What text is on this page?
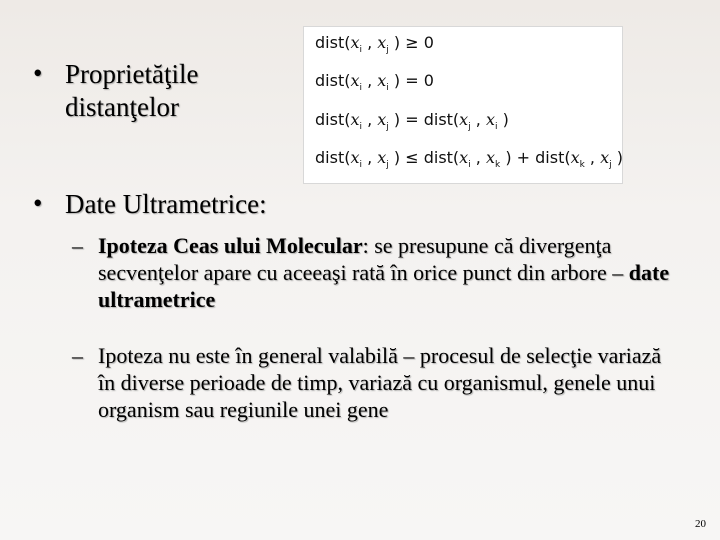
• Proprietăţile distanţelor
$dist(x_i$ , $x_j$ ) ≥ 0
$dist(x_i$ , $x_i$ ) = 0
$dist(x_i$ , $x_j$ ) = $dist(x_j$ , $x_i$ )
$dist(x_i$ , $x_j$ ) ≤ $dist(x_i$ , $x_k$ ) + $dist(x_k$ , $x_j$ )
• Date Ultrametrice:
– Ipoteza Ceas ului Molecular: se presupune că divergenţa secvenţelor apare cu aceeaşi rată în orice punct din arbore – date ultrametrice
– Ipoteza nu este în general valabilă – procesul de selecţie variază în diverse perioade de timp, variază cu organismul, genele unui organism sau regiunile unei gene
20
